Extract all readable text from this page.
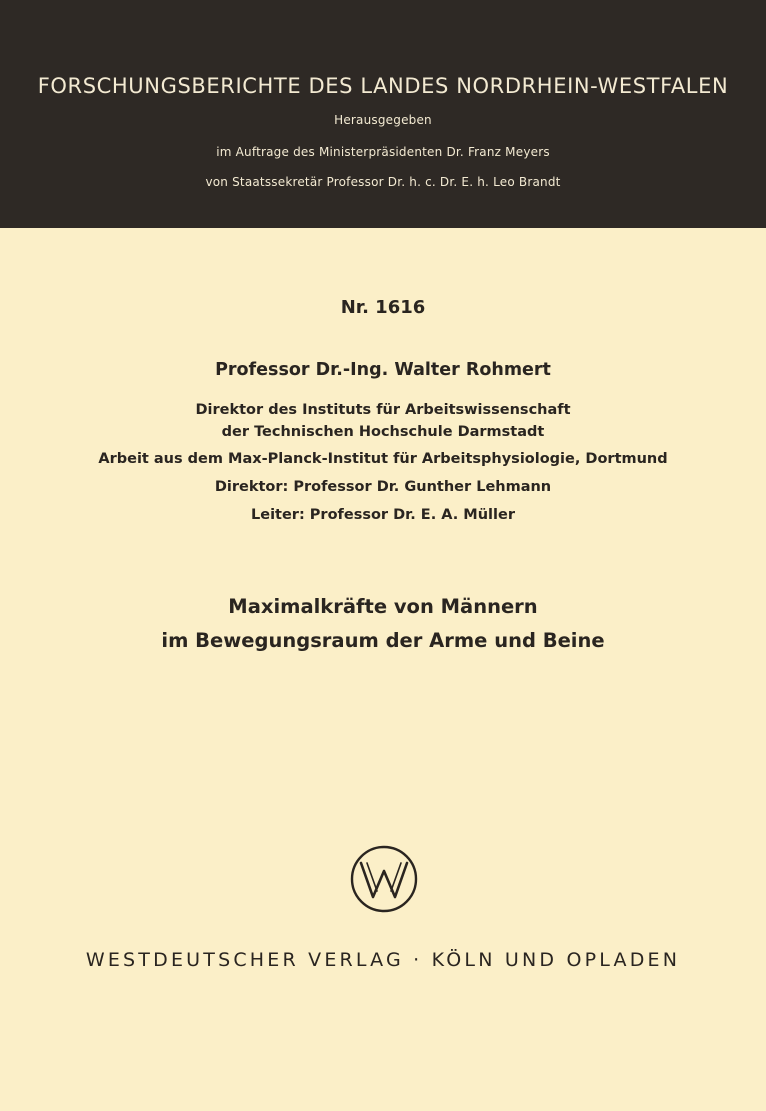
FORSCHUNGSBERICHTE DES LANDES NORDRHEIN-WESTFALEN
Herausgegeben
im Auftrage des Ministerpräsidenten Dr. Franz Meyers
von Staatssekretär Professor Dr. h. c. Dr. E. h. Leo Brandt
Nr. 1616
Professor Dr.-Ing. Walter Rohmert
Direktor des Instituts für Arbeitswissenschaft
der Technischen Hochschule Darmstadt
Arbeit aus dem Max-Planck-Institut für Arbeitsphysiologie, Dortmund
Direktor: Professor Dr. Gunther Lehmann
Leiter: Professor Dr. E. A. Müller
Maximalkräfte von Männern
im Bewegungsraum der Arme und Beine
WESTDEUTSCHER VERLAG · KÖLN UND OPLADEN
